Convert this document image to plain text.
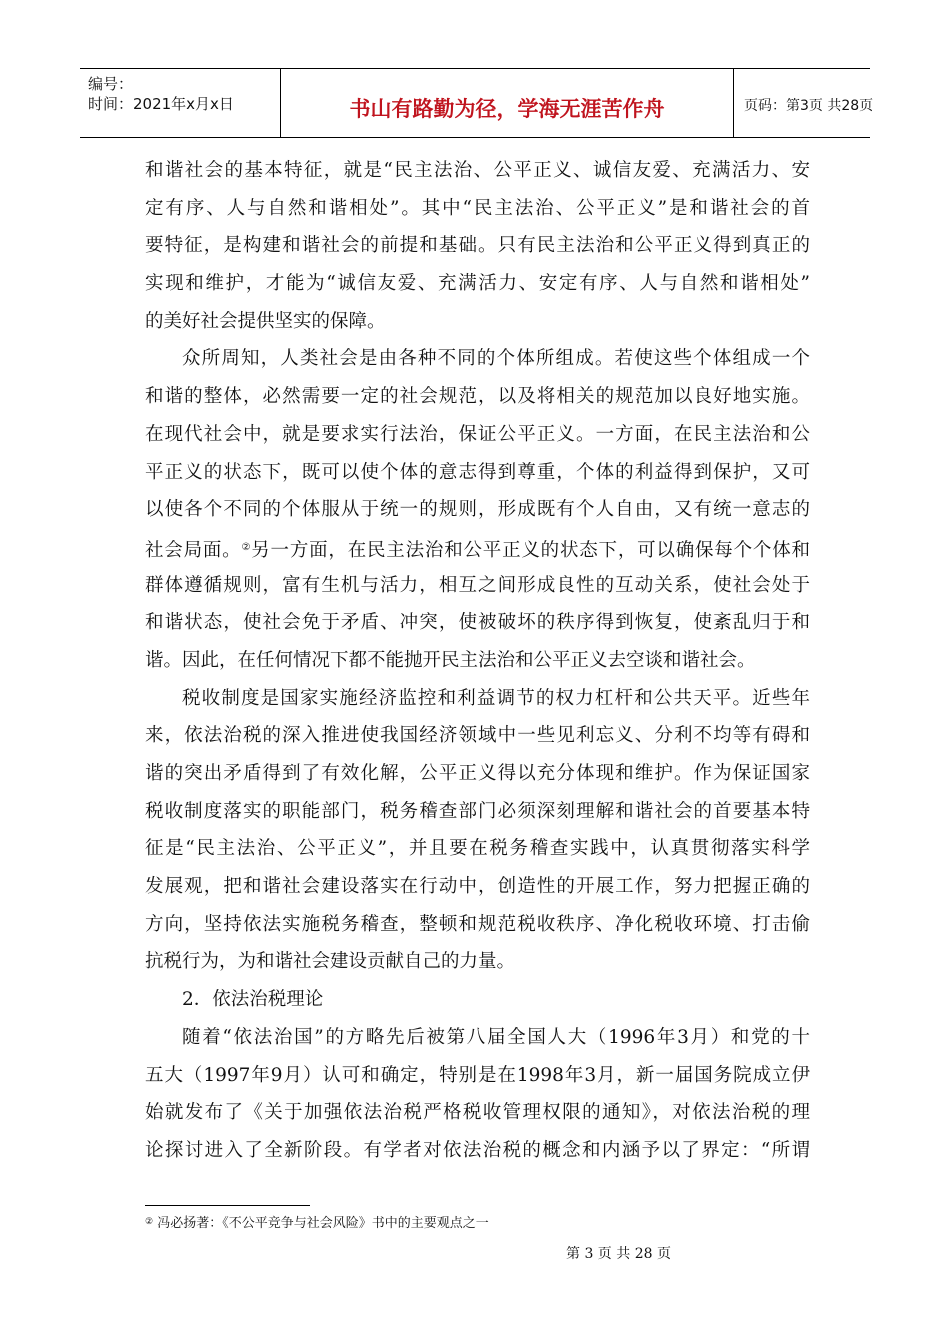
编号：
时间：2021年x月x日	书山有路勤为径，学海无涯苦作舟	页码：第3页 共28页
和谐社会的基本特征，就是“民主法治、公平正义、诚信友爱、充满活力、安
定有序、人与自然和谐相处”。其中“民主法治、公平正义”是和谐社会的首
要特征，是构建和谐社会的前提和基础。只有民主法治和公平正义得到真正的
实现和维护，才能为“诚信友爱、充满活力、安定有序、人与自然和谐相处”
的美好社会提供坚实的保障。
众所周知，人类社会是由各种不同的个体所组成。若使这些个体组成一个
和谐的整体，必然需要一定的社会规范，以及将相关的规范加以良好地实施。
在现代社会中，就是要求实行法治，保证公平正义。一方面，在民主法治和公
平正义的状态下，既可以使个体的意志得到尊重，个体的利益得到保护，又可
以使各个不同的个体服从于统一的规则，形成既有个人自由，又有统一意志的
社会局面。②另一方面，在民主法治和公平正义的状态下，可以确保每个个体和
群体遵循规则，富有生机与活力，相互之间形成良性的互动关系，使社会处于
和谐状态，使社会免于矛盾、冲突，使被破坏的秩序得到恢复，使紊乱归于和
谐。因此，在任何情况下都不能抛开民主法治和公平正义去空谈和谐社会。
税收制度是国家实施经济监控和利益调节的权力杠杆和公共天平。近些年
来，依法治税的深入推进使我国经济领域中一些见利忘义、分利不均等有碍和
谐的突出矛盾得到了有效化解，公平正义得以充分体现和维护。作为保证国家
税收制度落实的职能部门，税务稽查部门必须深刻理解和谐社会的首要基本特
征是“民主法治、公平正义”，并且要在税务稽查实践中，认真贯彻落实科学
发展观，把和谐社会建设落实在行动中，创造性的开展工作，努力把握正确的
方向，坚持依法实施税务稽查，整顿和规范税收秩序、净化税收环境、打击偷
抗税行为，为和谐社会建设贡献自己的力量。
2．依法治税理论
随着“依法治国”的方略先后被第八届全国人大（1996年3月）和党的十
五大（1997年9月）认可和确定，特别是在1998年3月，新一届国务院成立伊
始就发布了《关于加强依法治税严格税收管理权限的通知》，对依法治税的理
论探讨进入了全新阶段。有学者对依法治税的概念和内涵予以了界定：“所谓
② 冯必扬著：《不公平竞争与社会风险》书中的主要观点之一
第 3 页 共 28 页
